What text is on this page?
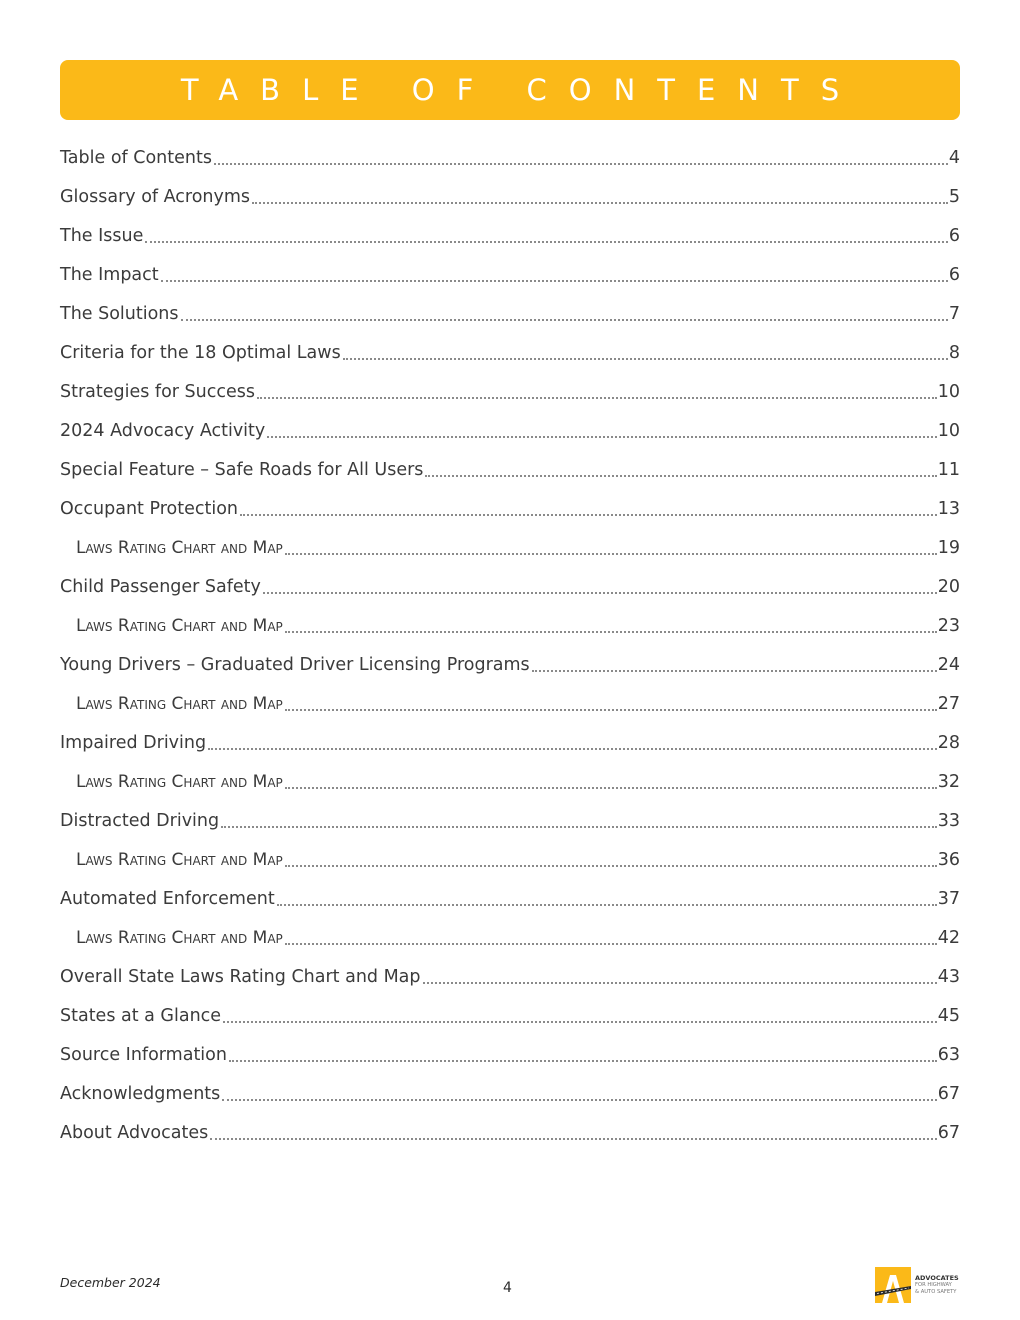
TABLE OF CONTENTS
Table of Contents	4
Glossary of Acronyms	5
The Issue	6
The Impact	6
The Solutions	7
Criteria for the 18 Optimal Laws	8
Strategies for Success	10
2024 Advocacy Activity	10
Special Feature – Safe Roads for All Users	11
Occupant Protection	13
Laws Rating Chart and Map	19
Child Passenger Safety	20
Laws Rating Chart and Map	23
Young Drivers – Graduated Driver Licensing Programs	24
Laws Rating Chart and Map	27
Impaired Driving	28
Laws Rating Chart and Map	32
Distracted Driving	33
Laws Rating Chart and Map	36
Automated Enforcement	37
Laws Rating Chart and Map	42
Overall State Laws Rating Chart and Map	43
States at a Glance	45
Source Information	63
Acknowledgments	67
About Advocates	67
December 2024	4
ADVOCATES
FOR HIGHWAY
& AUTO SAFETY
